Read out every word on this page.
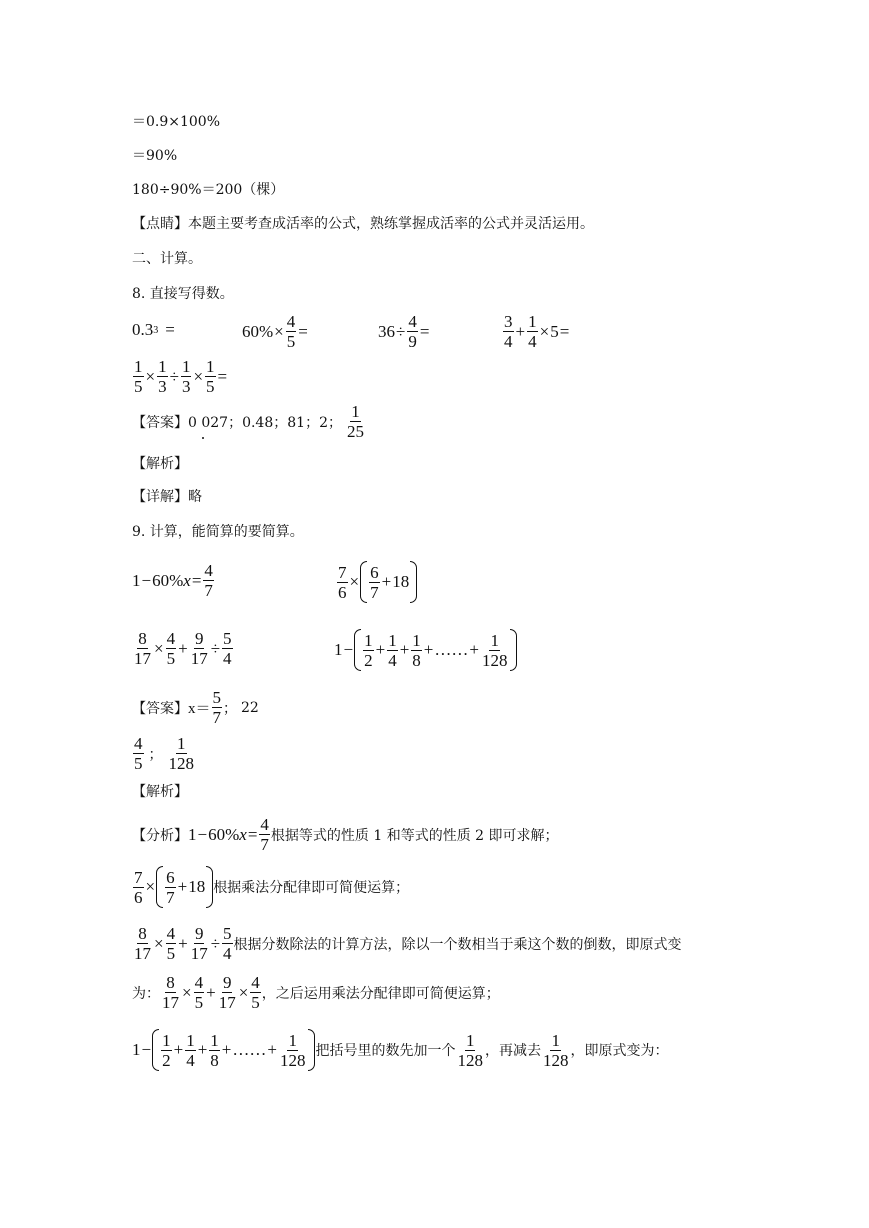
＝0.9×100%
＝90%
180÷90%＝200（棵）
【点睛】本题主要考查成活率的公式，熟练掌握成活率的公式并灵活运用。
二、计算。
8. 直接写得数。
0.3 3 =	$60\% \times \frac{4}{5}$ =	$36 \div \frac{4}{9}$ =	$\frac{3}{4} + \frac{1}{4} \times 5$ =
$\frac{1}{5} \times \frac{1}{3} \div \frac{1}{3} \times \frac{1}{5}$ =
【答案】 0 027；0.48；81；2； $\frac{1}{25}$
【解析】
【详解】略
9. 计算，能简算的要简算。
1 − 60% $x = \frac{4}{7}$	$\frac{7}{6} \times \frac{6}{7} + 18$
$\frac{8}{17} \times \frac{4}{5} + \frac{9}{17} \div \frac{5}{4}$	$1 - \frac{1}{2} + \frac{1}{4} + \frac{1}{8}$ + …… + $\frac{1}{128}$
【答案】 $x= \frac{5}{7}$ ； 22
$\frac{4}{5}$ ； $\frac{1}{128}$
【解析】
【分析】 1 − 60% $x = \frac{4}{7}$ 根据等式的性质 1 和等式的性质 2 即可求解；
$\frac{7}{6} \times \frac{6}{7} + 18$ 根据乘法分配律即可简便运算；
$\frac{8}{17} \times \frac{4}{5} + \frac{9}{17} \div \frac{5}{4}$ 根据分数除法的计算方法，除以一个数相当于乘这个数的倒数，即原式变
为： $\frac{8}{17} \times \frac{4}{5} + \frac{9}{17} \times \frac{4}{5}$ ，之后运用乘法分配律即可简便运算；
$1 - \frac{1}{2} + \frac{1}{4} + \frac{1}{8}$ + …… + $\frac{1}{128}$ 把括号里的数先加一个 $\frac{1}{128}$ ，再减去 $\frac{1}{128}$ ，即原式变为：
